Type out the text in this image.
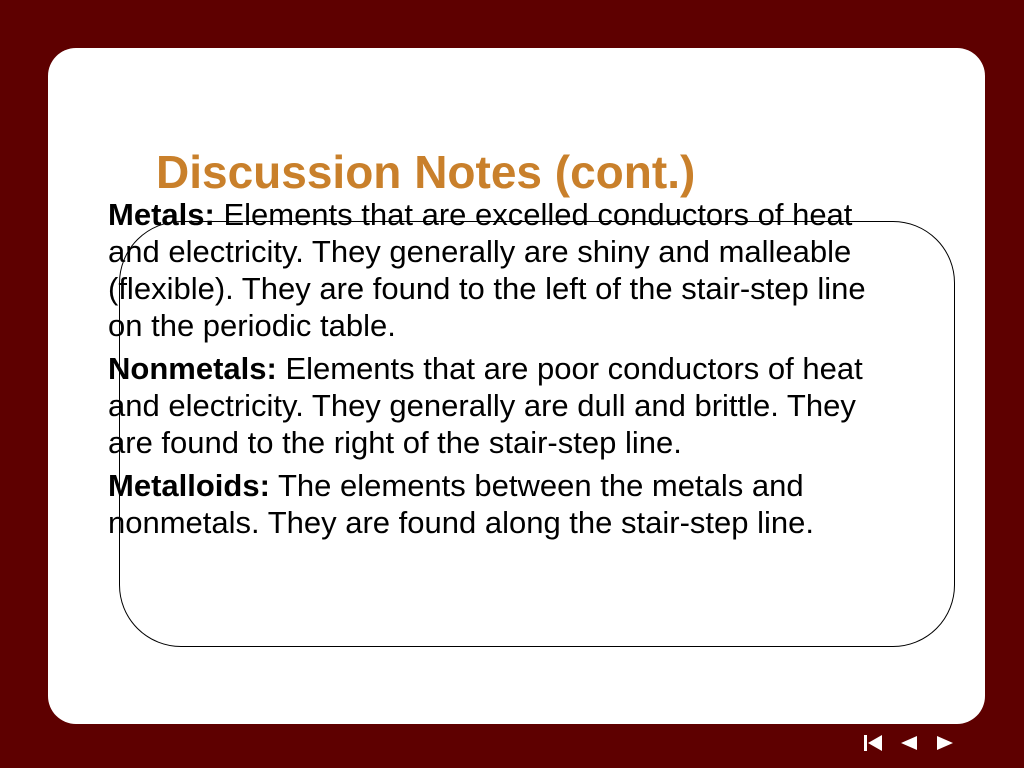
Discussion Notes (cont.)

Metals: Elements that are excelled conductors of heat and electricity. They generally are shiny and malleable (flexible). They are found to the left of the stair-step line on the periodic table.

Nonmetals: Elements that are poor conductors of heat and electricity. They generally are dull and brittle. They are found to the right of the stair-step line.

Metalloids: The elements between the metals and nonmetals. They are found along the stair-step line.
